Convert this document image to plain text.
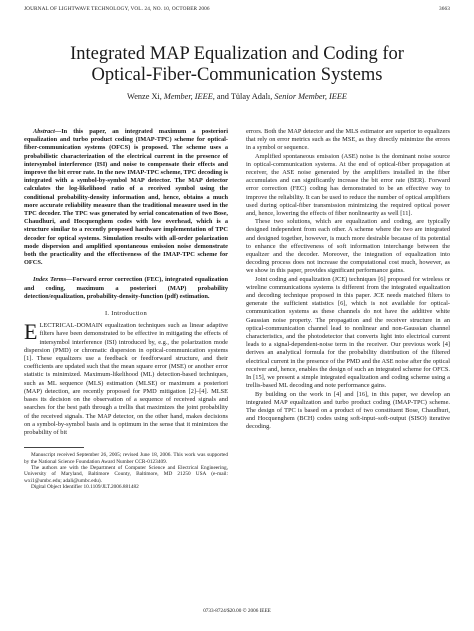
JOURNAL OF LIGHTWAVE TECHNOLOGY, VOL. 24, NO. 10, OCTOBER 2006	3663
Integrated MAP Equalization and Coding for
Optical-Fiber-Communication Systems
Wenze Xi, Member, IEEE, and Tülay Adalı, Senior Member, IEEE

Abstract—In this paper, an integrated maximum a posteriori equalization and turbo product coding (IMAP-TPC) scheme for optical-fiber-communication systems (OFCS) is proposed. The scheme uses a probabilistic characterization of the electrical current in the presence of intersymbol interference (ISI) and noise to compensate their effects and improve the bit error rate. In the new IMAP-TPC scheme, TPC decoding is integrated with a symbol-by-symbol MAP detector. The MAP detector calculates the log-likelihood ratio of a received symbol using the conditional probability-density information and, hence, obtains a much more accurate reliability measure than the traditional measure used in the TPC decoder. The TPC was generated by serial concatenation of two Bose, Chaudhuri, and Hocquenghem codes with low overhead, which is a structure similar to a recently proposed hardware implementation of TPC decoder for optical systems. Simulation results with all-order polarization mode dispersion and amplified spontaneous emission noise demonstrate both the practicality and the effectiveness of the IMAP-TPC scheme for OFCS.

Index Terms—Forward error correction (FEC), integrated equalization and coding, maximum a posteriori (MAP) probability detection/equalization, probability-density-function (pdf) estimation.

I. Introduction

ELECTRICAL-DOMAIN equalization techniques such as linear adaptive filters have been demonstrated to be effective in mitigating the effects of intersymbol interference (ISI) introduced by, e.g., the polarization mode dispersion (PMD) or chromatic dispersion in optical-communication systems [1]. These equalizers use a feedback or feedforward structure, and their coefficients are updated such that the mean square error (MSE) or another error statistic is minimized. Maximum-likelihood (ML) detection-based techniques, such as ML sequence (MLS) estimation (MLSE) or maximum a posteriori (MAP) detection, are recently proposed for PMD mitigation [2]–[4]. MLSE bases its decision on the observation of a sequence of received signals and searches for the best path through a trellis that maximizes the joint probability of the received signals. The MAP detector, on the other hand, makes decisions on a symbol-by-symbol basis and is optimum in the sense that it minimizes the probability of bit

Manuscript received September 26, 2005; revised June 18, 2006. This work was supported by the National Science Foundation Award Number CCR-0123409.

The authors are with the Department of Computer Science and Electrical Engineering, University of Maryland, Baltimore County, Baltimore, MD 21250 USA (e-mail: wxi1@umbc.edu; adali@umbc.edu).

Digital Object Identifier 10.1109/JLT.2006.881482

errors. Both the MAP detector and the MLS estimator are superior to equalizers that rely on error metrics such as the MSE, as they directly minimize the errors in a symbol or sequence.

Amplified spontaneous emission (ASE) noise is the dominant noise source in optical-communication systems. At the end of optical-fiber propagation at receiver, the ASE noise generated by the amplifiers installed in the fiber accumulates and can significantly increase the bit error rate (BER). Forward error correction (FEC) coding has demonstrated to be an effective way to improve the reliability. It can be used to reduce the number of optical amplifiers used during optical-fiber transmission minimizing the required optical power and, hence, lowering the effects of fiber nonlinearity as well [11].

These two solutions, which are equalization and coding, are typically designed independent from each other. A scheme where the two are integrated and designed together, however, is much more desirable because of its potential to enhance the effectiveness of soft information interchange between the equalizer and the decoder. Moreover, the integration of equalization into decoding process does not increase the computational cost much, however, as we show in this paper, provides significant performance gains.

Joint coding and equalization (JCE) techniques [6] proposed for wireless or wireline communications systems is different from the integrated equalization and decoding technique proposed in this paper. JCE needs matched filters to generate the sufficient statistics [6], which is not available for optical-communication systems as these channels do not have the additive white Gaussian noise property. The propagation and the receiver structure in an optical-communication channel lead to nonlinear and non-Gaussian channel characteristics, and the photodetector that converts light into electrical current leads to a signal-dependent-noise term in the receiver. Our previous work [4] derives an analytical formula for the probability distribution of the filtered electrical current in the presence of the PMD and the ASE noise after the optical receiver and, hence, enables the design of such an integrated scheme for OFCS. In [15], we present a simple integrated equalization and coding scheme using a trellis-based ML decoding and note performance gains.

By building on the work in [4] and [16], in this paper, we develop an integrated MAP equalization and turbo product coding (IMAP-TPC) scheme. The design of TPC is based on a product of two constituent Bose, Chaudhuri, and Hocquenghem (BCH) codes using soft-input–soft-output (SISO) iterative decoding.

0733-8724/$20.00 © 2006 IEEE
